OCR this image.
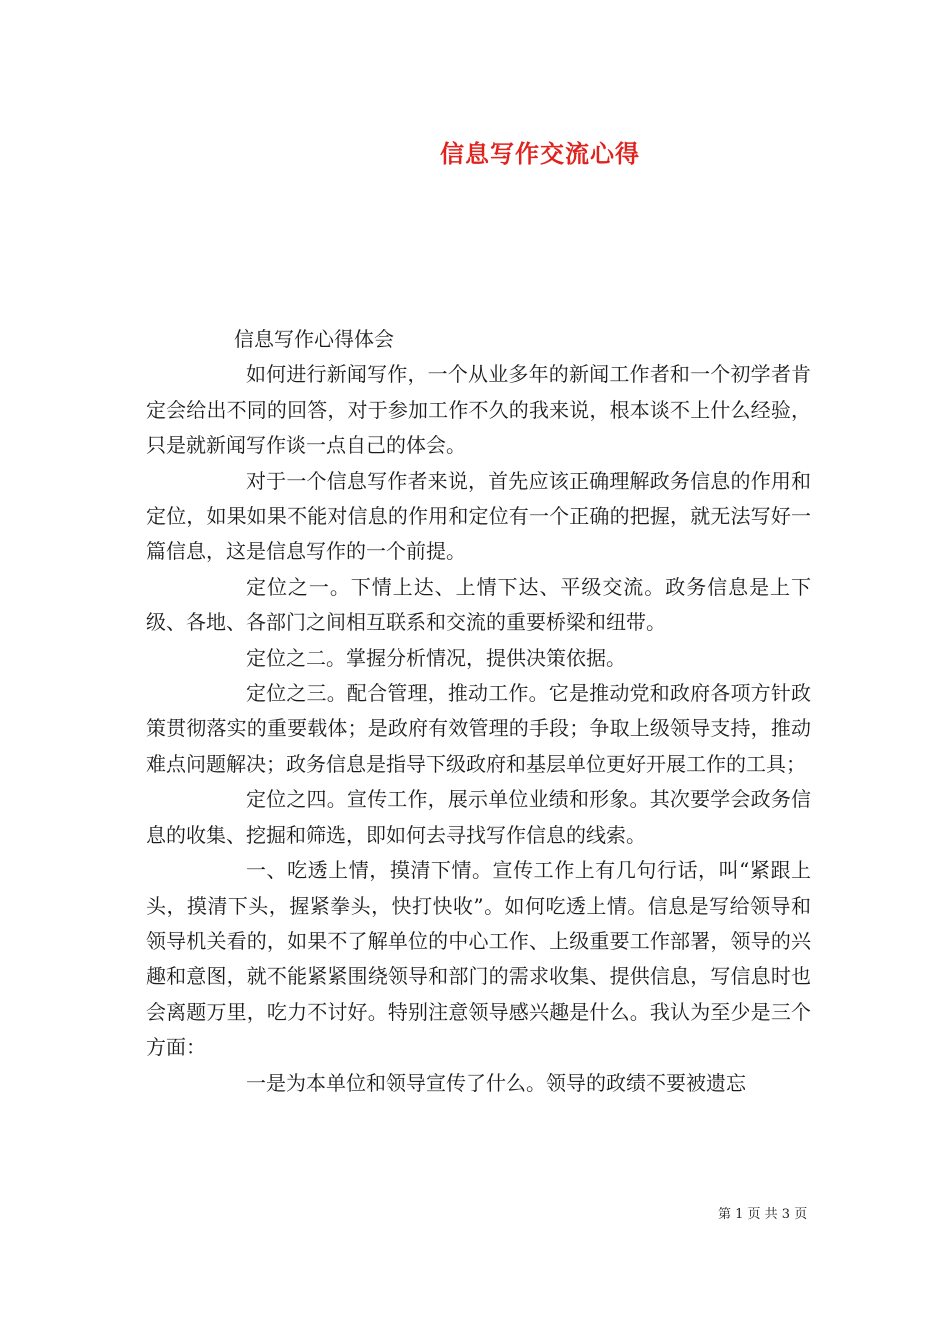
信息写作交流心得

信息写作心得体会

如何进行新闻写作，一个从业多年的新闻工作者和一个初学者肯定会给出不同的回答，对于参加工作不久的我来说，根本谈不上什么经验，只是就新闻写作谈一点自己的体会。

对于一个信息写作者来说，首先应该正确理解政务信息的作用和定位，如果如果不能对信息的作用和定位有一个正确的把握，就无法写好一篇信息，这是信息写作的一个前提。

定位之一。下情上达、上情下达、平级交流。政务信息是上下级、各地、各部门之间相互联系和交流的重要桥梁和纽带。

定位之二。掌握分析情况，提供决策依据。

定位之三。配合管理，推动工作。它是推动党和政府各项方针政策贯彻落实的重要载体；是政府有效管理的手段；争取上级领导支持，推动难点问题解决；政务信息是指导下级政府和基层单位更好开展工作的工具；

定位之四。宣传工作，展示单位业绩和形象。其次要学会政务信息的收集、挖掘和筛选，即如何去寻找写作信息的线索。

一、吃透上情，摸清下情。宣传工作上有几句行话，叫“紧跟上头，摸清下头，握紧拳头，快打快收”。如何吃透上情。信息是写给领导和领导机关看的，如果不了解单位的中心工作、上级重要工作部署，领导的兴趣和意图，就不能紧紧围绕领导和部门的需求收集、提供信息，写信息时也会离题万里，吃力不讨好。特别注意领导感兴趣是什么。我认为至少是三个方面：

一是为本单位和领导宣传了什么。领导的政绩不要被遗忘

第 1 页 共 3 页
